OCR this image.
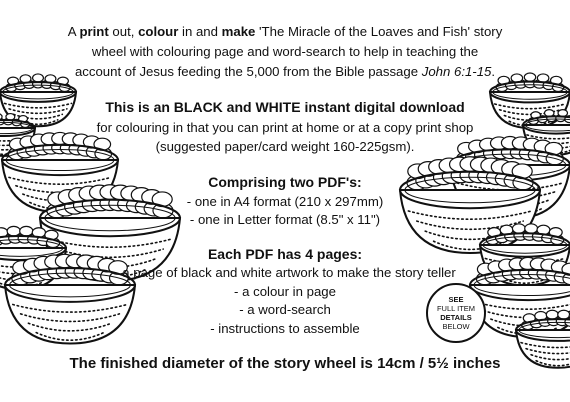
A print out, colour in and make 'The Miracle of the Loaves and Fish' story

wheel with colouring page and word-search to help in teaching the

account of Jesus feeding the 5,000 from the Bible passage John 6:1-15.

This is an BLACK and WHITE instant digital download

for colouring in that you can print at home or at a copy print shop

(suggested paper/card weight 160-225gsm).

Comprising two PDF's:

- one in A4 format (210 x 297mm)

- one in Letter format (8.5" x 11")

Each PDF has 4 pages:

- a page of black and white artwork to make the story teller

- a colour in page

- a word-search

- instructions to assemble

The finished diameter of the story wheel is 14cm / 5½ inches

SEE
FULL ITEM
DETAILS
BELOW
